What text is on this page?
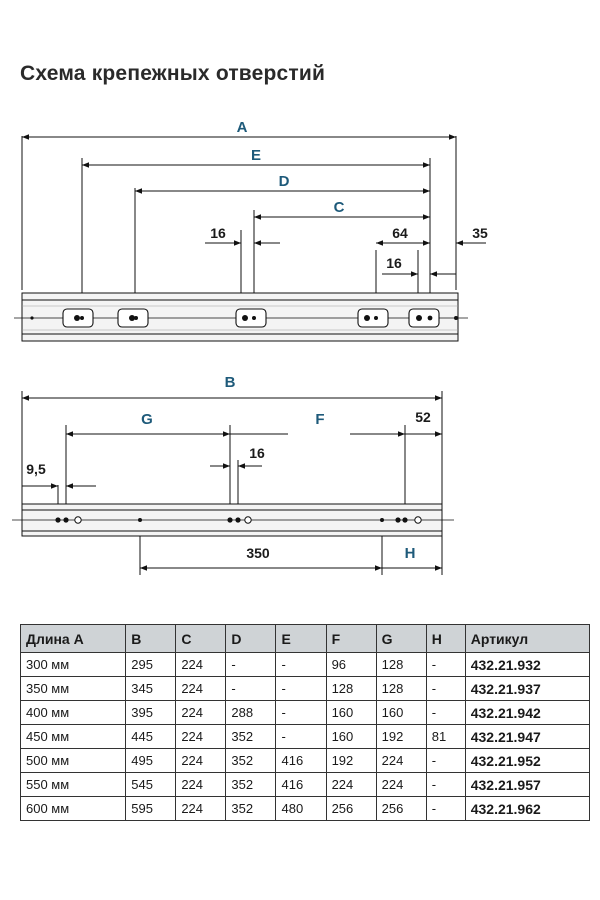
Схема крепежных отверстий
A
E
D
C
16	64	35
16
B
G	F	52
16
9,5
350	H
Длина A	B	C	D	E	F	G	H	Артикул
300 мм	295	224	-	-	96	128	-	432.21.932
350 мм	345	224	-	-	128	128	-	432.21.937
400 мм	395	224	288	-	160	160	-	432.21.942
450 мм	445	224	352	-	160	192	81	432.21.947
500 мм	495	224	352	416	192	224	-	432.21.952
550 мм	545	224	352	416	224	224	-	432.21.957
600 мм	595	224	352	480	256	256	-	432.21.962
